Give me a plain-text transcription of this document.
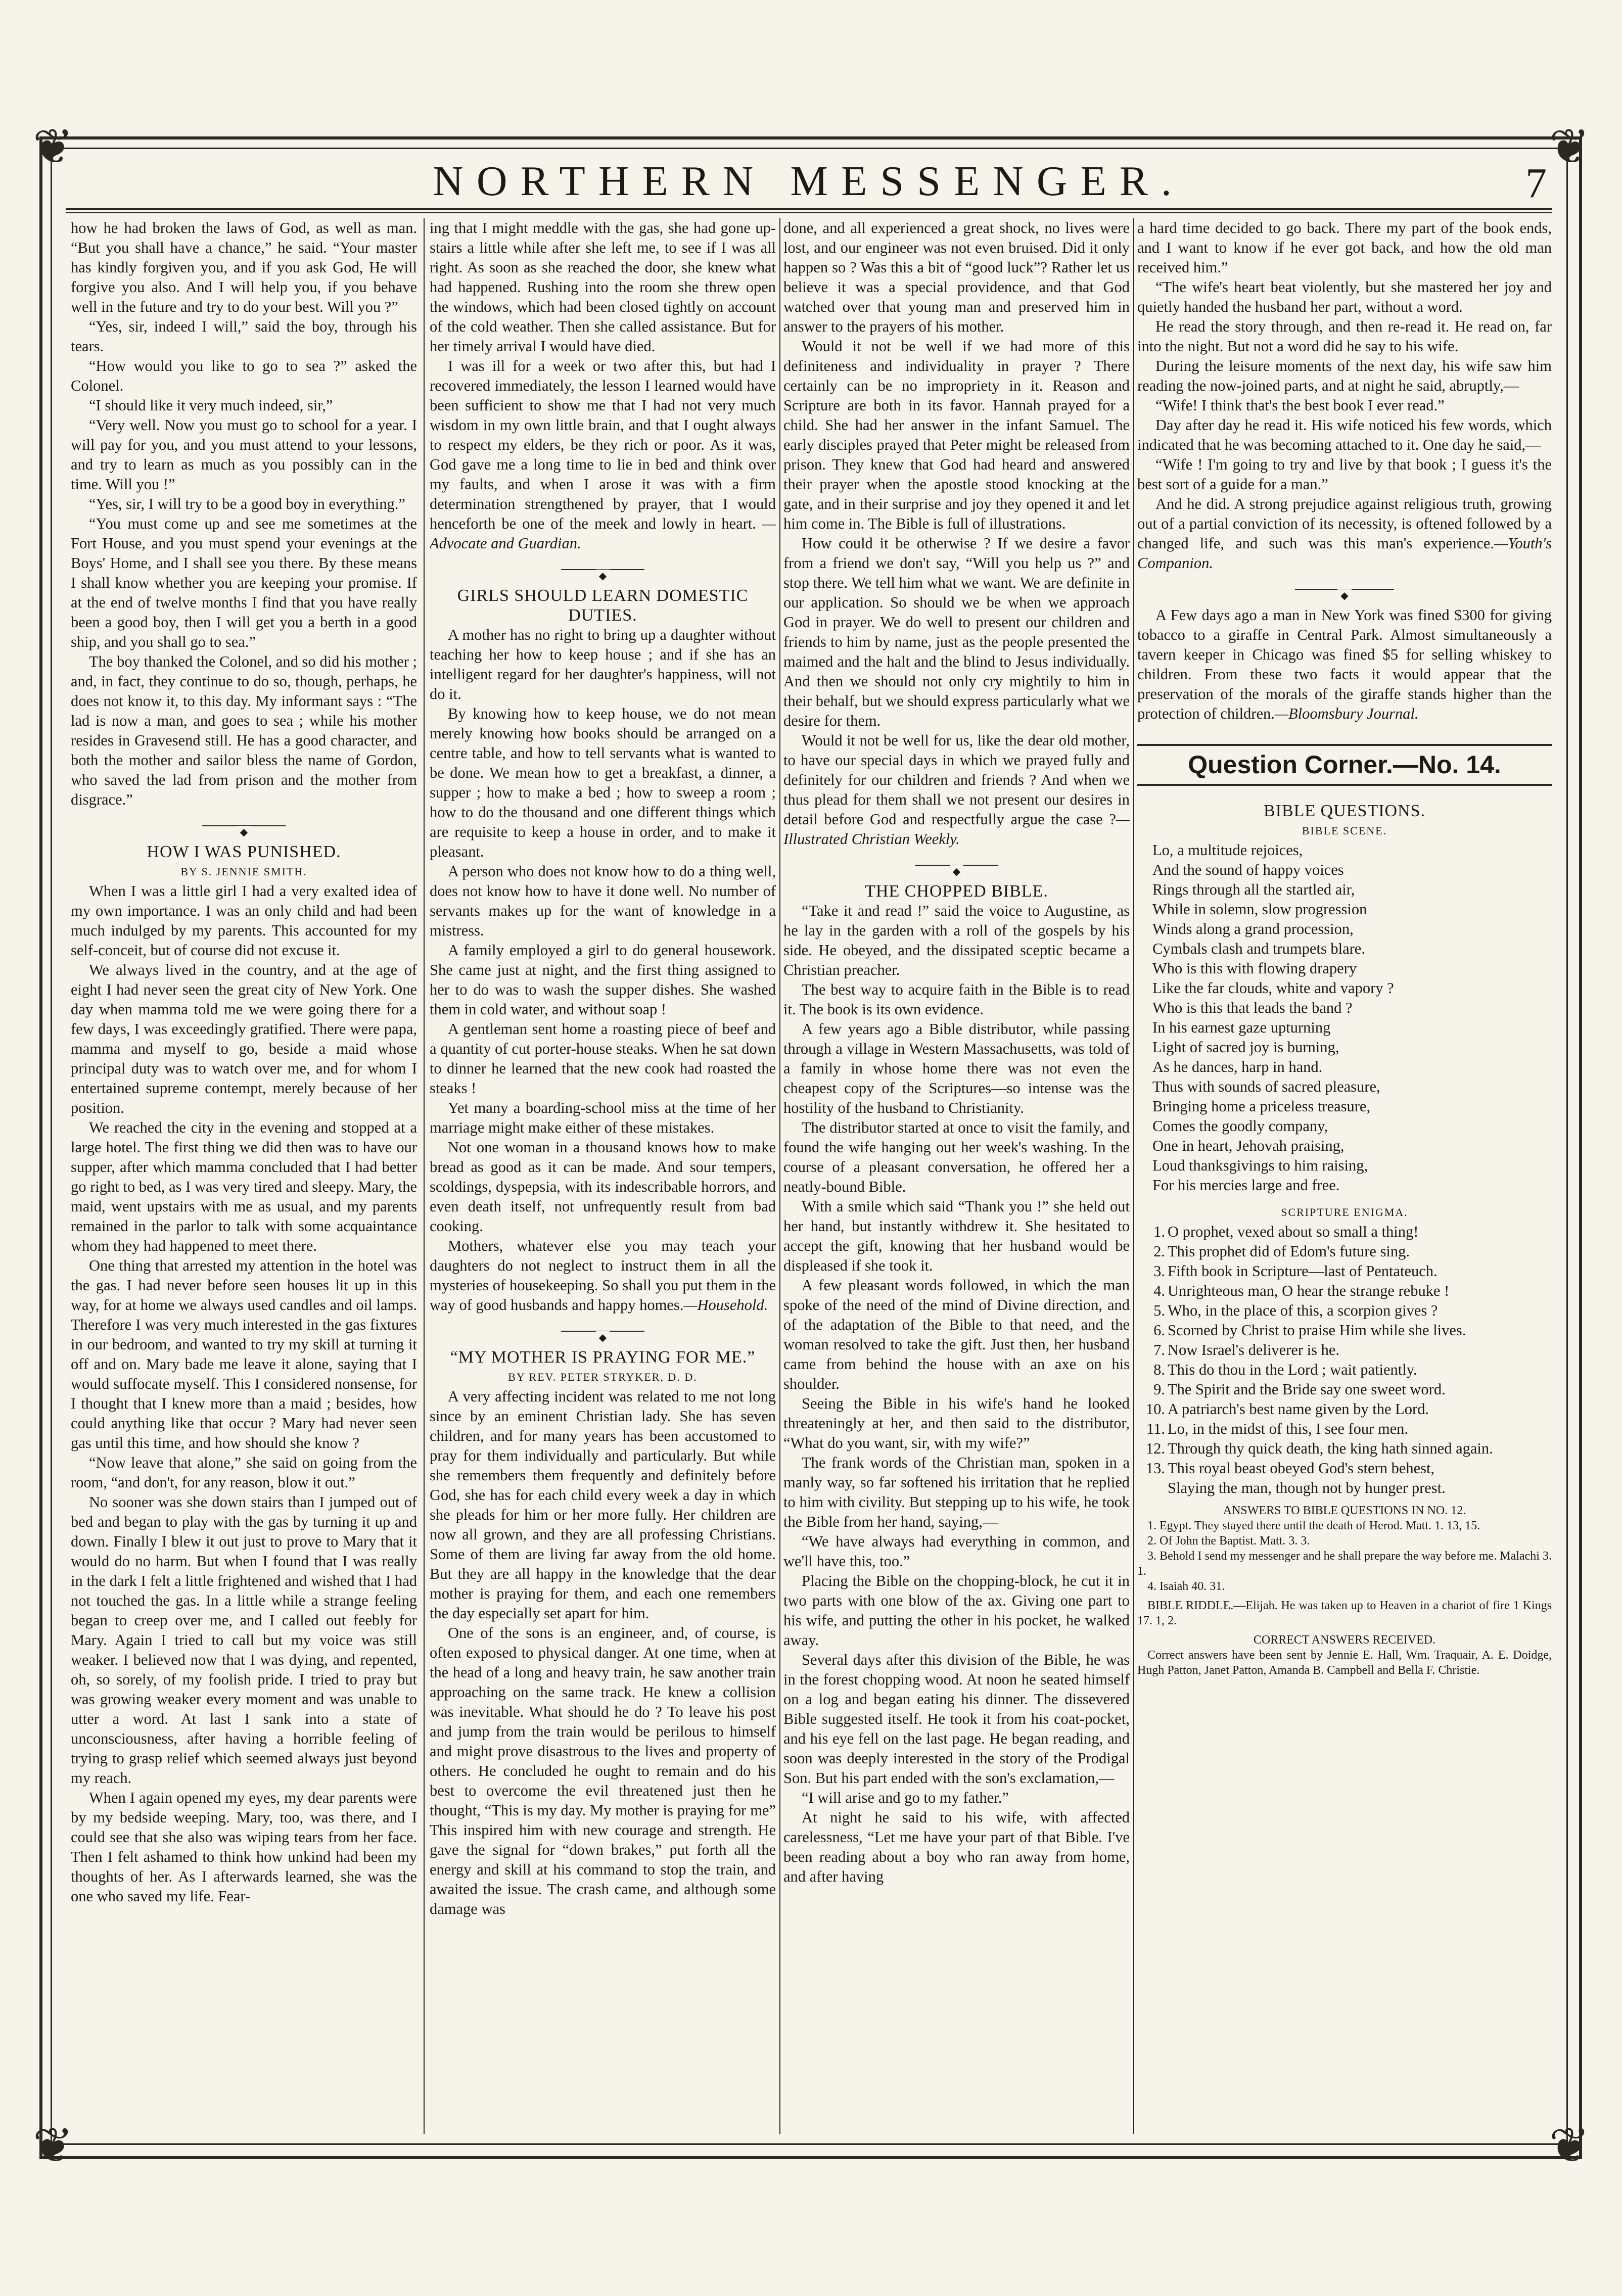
❦	❦
❦	❦
NORTHERN MESSENGER.	7

how he had broken the laws of God, as well as man. “But you shall have a chance,” he said. “Your master has kindly forgiven you, and if you ask God, He will forgive you also. And I will help you, if you behave well in the future and try to do your best. Will you ?”

“Yes, sir, indeed I will,” said the boy, through his tears.

“How would you like to go to sea ?” asked the Colonel.

“I should like it very much indeed, sir,”

“Very well. Now you must go to school for a year. I will pay for you, and you must attend to your lessons, and try to learn as much as you possibly can in the time. Will you !”

“Yes, sir, I will try to be a good boy in everything.”

“You must come up and see me sometimes at the Fort House, and you must spend your evenings at the Boys' Home, and I shall see you there. By these means I shall know whether you are keeping your promise. If at the end of twelve months I find that you have really been a good boy, then I will get you a berth in a good ship, and you shall go to sea.”

The boy thanked the Colonel, and so did his mother ; and, in fact, they continue to do so, though, perhaps, he does not know it, to this day. My informant says : “The lad is now a man, and goes to sea ; while his mother resides in Gravesend still. He has a good character, and both the mother and sailor bless the name of Gordon, who saved the lad from prison and the mother from disgrace.”

◆

HOW I WAS PUNISHED.

BY S. JENNIE SMITH.

When I was a little girl I had a very exalted idea of my own importance. I was an only child and had been much indulged by my parents. This accounted for my self-conceit, but of course did not excuse it.

We always lived in the country, and at the age of eight I had never seen the great city of New York. One day when mamma told me we were going there for a few days, I was exceedingly gratified. There were papa, mamma and myself to go, beside a maid whose principal duty was to watch over me, and for whom I entertained supreme contempt, merely because of her position.

We reached the city in the evening and stopped at a large hotel. The first thing we did then was to have our supper, after which mamma concluded that I had better go right to bed, as I was very tired and sleepy. Mary, the maid, went upstairs with me as usual, and my parents remained in the parlor to talk with some acquaintance whom they had happened to meet there.

One thing that arrested my attention in the hotel was the gas. I had never before seen houses lit up in this way, for at home we always used candles and oil lamps. Therefore I was very much interested in the gas fixtures in our bedroom, and wanted to try my skill at turning it off and on. Mary bade me leave it alone, saying that I would suffocate myself. This I considered nonsense, for I thought that I knew more than a maid ; besides, how could anything like that occur ? Mary had never seen gas until this time, and how should she know ?

“Now leave that alone,” she said on going from the room, “and don't, for any reason, blow it out.”

No sooner was she down stairs than I jumped out of bed and began to play with the gas by turning it up and down. Finally I blew it out just to prove to Mary that it would do no harm. But when I found that I was really in the dark I felt a little frightened and wished that I had not touched the gas. In a little while a strange feeling began to creep over me, and I called out feebly for Mary. Again I tried to call but my voice was still weaker. I believed now that I was dying, and repented, oh, so sorely, of my foolish pride. I tried to pray but was growing weaker every moment and was unable to utter a word. At last I sank into a state of unconsciousness, after having a horrible feeling of trying to grasp relief which seemed always just beyond my reach.

When I again opened my eyes, my dear parents were by my bedside weeping. Mary, too, was there, and I could see that she also was wiping tears from her face. Then I felt ashamed to think how unkind had been my thoughts of her. As I afterwards learned, she was the one who saved my life. Fear-

ing that I might meddle with the gas, she had gone up-stairs a little while after she left me, to see if I was all right. As soon as she reached the door, she knew what had happened. Rushing into the room she threw open the windows, which had been closed tightly on account of the cold weather. Then she called assistance. But for her timely arrival I would have died.

I was ill for a week or two after this, but had I recovered immediately, the lesson I learned would have been sufficient to show me that I had not very much wisdom in my own little brain, and that I ought always to respect my elders, be they rich or poor. As it was, God gave me a long time to lie in bed and think over my faults, and when I arose it was with a firm determination strengthened by prayer, that I would henceforth be one of the meek and lowly in heart. —Advocate and Guardian.

◆

GIRLS SHOULD LEARN DOMESTIC DUTIES.

A mother has no right to bring up a daughter without teaching her how to keep house ; and if she has an intelligent regard for her daughter's happiness, will not do it.

By knowing how to keep house, we do not mean merely knowing how books should be arranged on a centre table, and how to tell servants what is wanted to be done. We mean how to get a breakfast, a dinner, a supper ; how to make a bed ; how to sweep a room ; how to do the thousand and one different things which are requisite to keep a house in order, and to make it pleasant.

A person who does not know how to do a thing well, does not know how to have it done well. No number of servants makes up for the want of knowledge in a mistress.

A family employed a girl to do general housework. She came just at night, and the first thing assigned to her to do was to wash the supper dishes. She washed them in cold water, and without soap !

A gentleman sent home a roasting piece of beef and a quantity of cut porter-house steaks. When he sat down to dinner he learned that the new cook had roasted the steaks !

Yet many a boarding-school miss at the time of her marriage might make either of these mistakes.

Not one woman in a thousand knows how to make bread as good as it can be made. And sour tempers, scoldings, dyspepsia, with its indescribable horrors, and even death itself, not unfrequently result from bad cooking.

Mothers, whatever else you may teach your daughters do not neglect to instruct them in all the mysteries of housekeeping. So shall you put them in the way of good husbands and happy homes.—Household.

◆

“MY MOTHER IS PRAYING FOR ME.”

BY REV. PETER STRYKER, D. D.

A very affecting incident was related to me not long since by an eminent Christian lady. She has seven children, and for many years has been accustomed to pray for them individually and particularly. But while she remembers them frequently and definitely before God, she has for each child every week a day in which she pleads for him or her more fully. Her children are now all grown, and they are all professing Christians. Some of them are living far away from the old home. But they are all happy in the knowledge that the dear mother is praying for them, and each one remembers the day especially set apart for him.

One of the sons is an engineer, and, of course, is often exposed to physical danger. At one time, when at the head of a long and heavy train, he saw another train approaching on the same track. He knew a collision was inevitable. What should he do ? To leave his post and jump from the train would be perilous to himself and might prove disastrous to the lives and property of others. He concluded he ought to remain and do his best to overcome the evil threatened just then he thought, “This is my day. My mother is praying for me” This inspired him with new courage and strength. He gave the signal for “down brakes,” put forth all the energy and skill at his command to stop the train, and awaited the issue. The crash came, and although some damage was

done, and all experienced a great shock, no lives were lost, and our engineer was not even bruised. Did it only happen so ? Was this a bit of “good luck”? Rather let us believe it was a special providence, and that God watched over that young man and preserved him in answer to the prayers of his mother.

Would it not be well if we had more of this definiteness and individuality in prayer ? There certainly can be no impropriety in it. Reason and Scripture are both in its favor. Hannah prayed for a child. She had her answer in the infant Samuel. The early disciples prayed that Peter might be released from prison. They knew that God had heard and answered their prayer when the apostle stood knocking at the gate, and in their surprise and joy they opened it and let him come in. The Bible is full of illustrations.

How could it be otherwise ? If we desire a favor from a friend we don't say, “Will you help us ?” and stop there. We tell him what we want. We are definite in our application. So should we be when we approach God in prayer. We do well to present our children and friends to him by name, just as the people presented the maimed and the halt and the blind to Jesus individually. And then we should not only cry mightily to him in their behalf, but we should express particularly what we desire for them.

Would it not be well for us, like the dear old mother, to have our special days in which we prayed fully and definitely for our children and friends ? And when we thus plead for them shall we not present our desires in detail before God and respectfully argue the case ?—Illustrated Christian Weekly.

◆

THE CHOPPED BIBLE.

“Take it and read !” said the voice to Augustine, as he lay in the garden with a roll of the gospels by his side. He obeyed, and the dissipated sceptic became a Christian preacher.

The best way to acquire faith in the Bible is to read it. The book is its own evidence.

A few years ago a Bible distributor, while passing through a village in Western Massachusetts, was told of a family in whose home there was not even the cheapest copy of the Scriptures—so intense was the hostility of the husband to Christianity.

The distributor started at once to visit the family, and found the wife hanging out her week's washing. In the course of a pleasant conversation, he offered her a neatly-bound Bible.

With a smile which said “Thank you !” she held out her hand, but instantly withdrew it. She hesitated to accept the gift, knowing that her husband would be displeased if she took it.

A few pleasant words followed, in which the man spoke of the need of the mind of Divine direction, and of the adaptation of the Bible to that need, and the woman resolved to take the gift. Just then, her husband came from behind the house with an axe on his shoulder.

Seeing the Bible in his wife's hand he looked threateningly at her, and then said to the distributor, “What do you want, sir, with my wife?”

The frank words of the Christian man, spoken in a manly way, so far softened his irritation that he replied to him with civility. But stepping up to his wife, he took the Bible from her hand, saying,—

“We have always had everything in common, and we'll have this, too.”

Placing the Bible on the chopping-block, he cut it in two parts with one blow of the ax. Giving one part to his wife, and putting the other in his pocket, he walked away.

Several days after this division of the Bible, he was in the forest chopping wood. At noon he seated himself on a log and began eating his dinner. The dissevered Bible suggested itself. He took it from his coat-pocket, and his eye fell on the last page. He began reading, and soon was deeply interested in the story of the Prodigal Son. But his part ended with the son's exclamation,—

“I will arise and go to my father.”

At night he said to his wife, with affected carelessness, “Let me have your part of that Bible. I've been reading about a boy who ran away from home, and after having

a hard time decided to go back. There my part of the book ends, and I want to know if he ever got back, and how the old man received him.”

“The wife's heart beat violently, but she mastered her joy and quietly handed the husband her part, without a word.

He read the story through, and then re-read it. He read on, far into the night. But not a word did he say to his wife.

During the leisure moments of the next day, his wife saw him reading the now-joined parts, and at night he said, abruptly,—

“Wife! I think that's the best book I ever read.”

Day after day he read it. His wife noticed his few words, which indicated that he was becoming attached to it. One day he said,—

“Wife ! I'm going to try and live by that book ; I guess it's the best sort of a guide for a man.”

And he did. A strong prejudice against religious truth, growing out of a partial conviction of its necessity, is oftened followed by a changed life, and such was this man's experience.—Youth's Companion.

◆

A Few days ago a man in New York was fined $300 for giving tobacco to a giraffe in Central Park. Almost simultaneously a tavern keeper in Chicago was fined $5 for selling whiskey to children. From these two facts it would appear that the preservation of the morals of the giraffe stands higher than the protection of children.—Bloomsbury Journal.

Question Corner.—No. 14.

BIBLE QUESTIONS.

BIBLE SCENE.

Lo, a multitude rejoices,

And the sound of happy voices

Rings through all the startled air,

While in solemn, slow progression

Winds along a grand procession,

Cymbals clash and trumpets blare.

Who is this with flowing drapery

Like the far clouds, white and vapory ?

Who is this that leads the band ?

In his earnest gaze upturning

Light of sacred joy is burning,

As he dances, harp in hand.

Thus with sounds of sacred pleasure,

Bringing home a priceless treasure,

Comes the goodly company,

One in heart, Jehovah praising,

Loud thanksgivings to him raising,

For his mercies large and free.

SCRIPTURE ENIGMA.

1. O prophet, vexed about so small a thing!

2. This prophet did of Edom's future sing.

3. Fifth book in Scripture—last of Pentateuch.

4. Unrighteous man, O hear the strange rebuke !

5. Who, in the place of this, a scorpion gives ?

6. Scorned by Christ to praise Him while she lives.

7. Now Israel's deliverer is he.

8. This do thou in the Lord ; wait patiently.

9. The Spirit and the Bride say one sweet word.

10. A patriarch's best name given by the Lord.

11. Lo, in the midst of this, I see four men.

12. Through thy quick death, the king hath sinned again.

13. This royal beast obeyed God's stern behest,

Slaying the man, though not by hunger prest.

ANSWERS TO BIBLE QUESTIONS IN NO. 12.

1. Egypt. They stayed there until the death of Herod. Matt. 1. 13, 15.

2. Of John the Baptist. Matt. 3. 3.

3. Behold I send my messenger and he shall prepare the way before me. Malachi 3. 1.

4. Isaiah 40. 31.

BIBLE RIDDLE.—Elijah. He was taken up to Heaven in a chariot of fire 1 Kings 17. 1, 2.

CORRECT ANSWERS RECEIVED.

Correct answers have been sent by Jennie E. Hall, Wm. Traquair, A. E. Doidge, Hugh Patton, Janet Patton, Amanda B. Campbell and Bella F. Christie.
